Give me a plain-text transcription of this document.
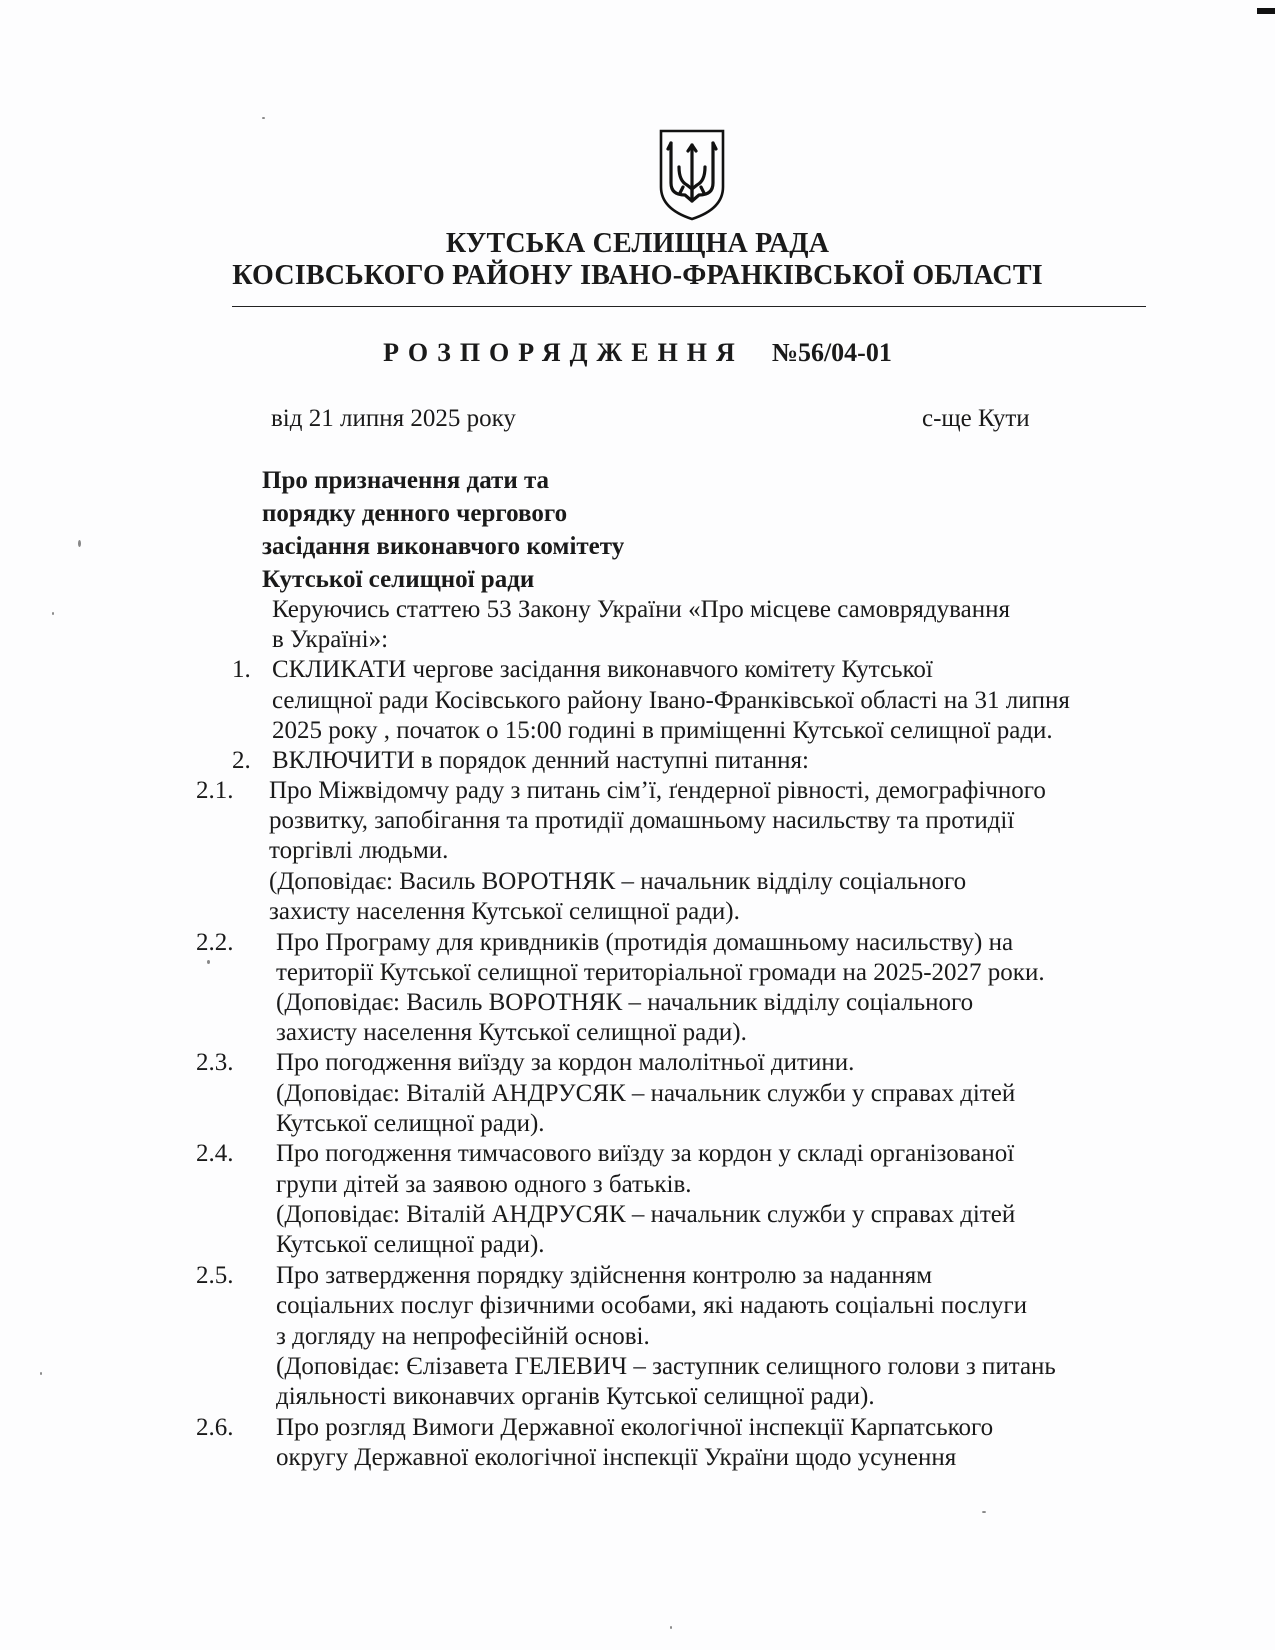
КУТСЬКА СЕЛИЩНА РАДА
КОСІВСЬКОГО РАЙОНУ ІВАНО-ФРАНКІВСЬКОЇ ОБЛАСТІ
РОЗПОРЯДЖЕННЯ №56/04-01
від 21 липня 2025 року	с-ще Кути
Про призначення дати та
порядку денного чергового
засідання виконавчого комітету
Кутської селищної ради
Керуючись статтею 53 Закону України «Про місцеве самоврядування
в Україні»:
1. СКЛИКАТИ чергове засідання виконавчого комітету Кутської
селищної ради Косівського району Івано-Франківської області на 31 липня
2025 року , початок о 15:00 годині в приміщенні Кутської селищної ради.
2. ВКЛЮЧИТИ в порядок денний наступні питання:
2.1. Про Міжвідомчу раду з питань сім’ї, ґендерної рівності, демографічного
розвитку, запобігання та протидії домашньому насильству та протидії
торгівлі людьми.
(Доповідає: Василь ВОРОТНЯК – начальник відділу соціального
захисту населення Кутської селищної ради).
2.2. Про Програму для кривдників (протидія домашньому насильству) на
території Кутської селищної територіальної громади на 2025-2027 роки.
(Доповідає: Василь ВОРОТНЯК – начальник відділу соціального
захисту населення Кутської селищної ради).
2.3. Про погодження виїзду за кордон малолітньої дитини.
(Доповідає: Віталій АНДРУСЯК – начальник служби у справах дітей
Кутської селищної ради).
2.4. Про погодження тимчасового виїзду за кордон у складі організованої
групи дітей за заявою одного з батьків.
(Доповідає: Віталій АНДРУСЯК – начальник служби у справах дітей
Кутської селищної ради).
2.5. Про затвердження порядку здійснення контролю за наданням
соціальних послуг фізичними особами, які надають соціальні послуги
з догляду на непрофесійній основі.
(Доповідає: Єлізавета ГЕЛЕВИЧ – заступник селищного голови з питань
діяльності виконавчих органів Кутської селищної ради).
2.6. Про розгляд Вимоги Державної екологічної інспекції Карпатського
округу Державної екологічної інспекції України щодо усунення
